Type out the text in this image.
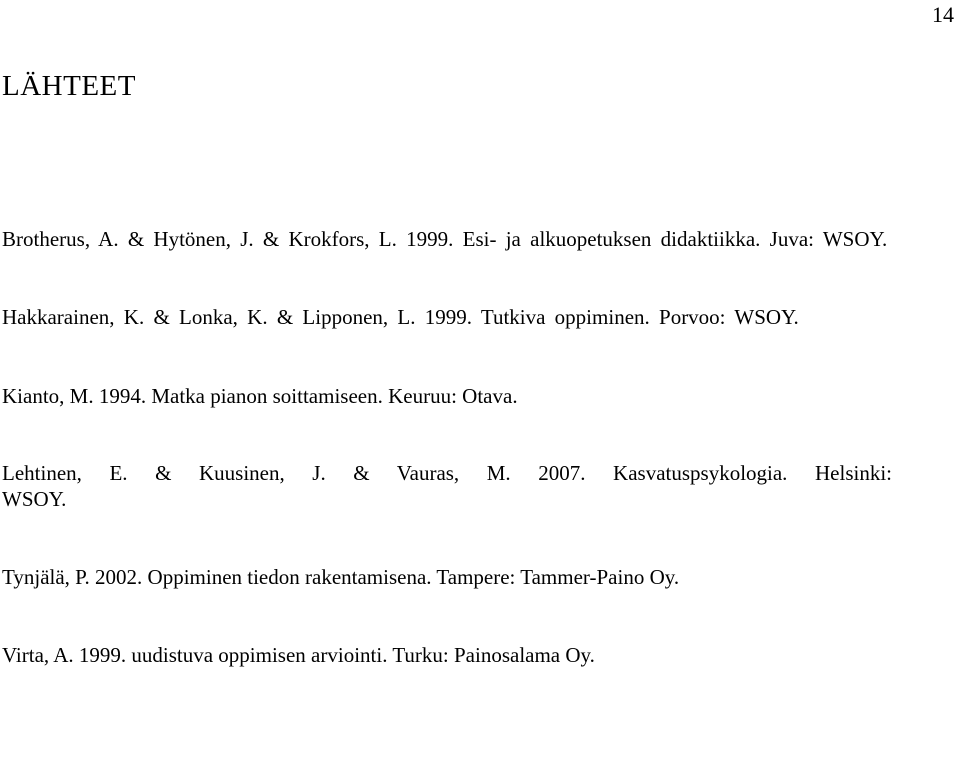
14
LÄHTEET
Brotherus, A. & Hytönen, J. & Krokfors, L. 1999. Esi- ja alkuopetuksen didaktiikka. Juva: WSOY.
Hakkarainen, K. & Lonka, K. & Lipponen, L. 1999. Tutkiva oppiminen. Porvoo: WSOY.
Kianto, M. 1994. Matka pianon soittamiseen. Keuruu: Otava.
Lehtinen, E. & Kuusinen, J. & Vauras, M. 2007. Kasvatuspsykologia. Helsinki: WSOY.
Tynjälä, P. 2002. Oppiminen tiedon rakentamisena. Tampere: Tammer-Paino Oy.
Virta, A. 1999. uudistuva oppimisen arviointi. Turku: Painosalama Oy.
